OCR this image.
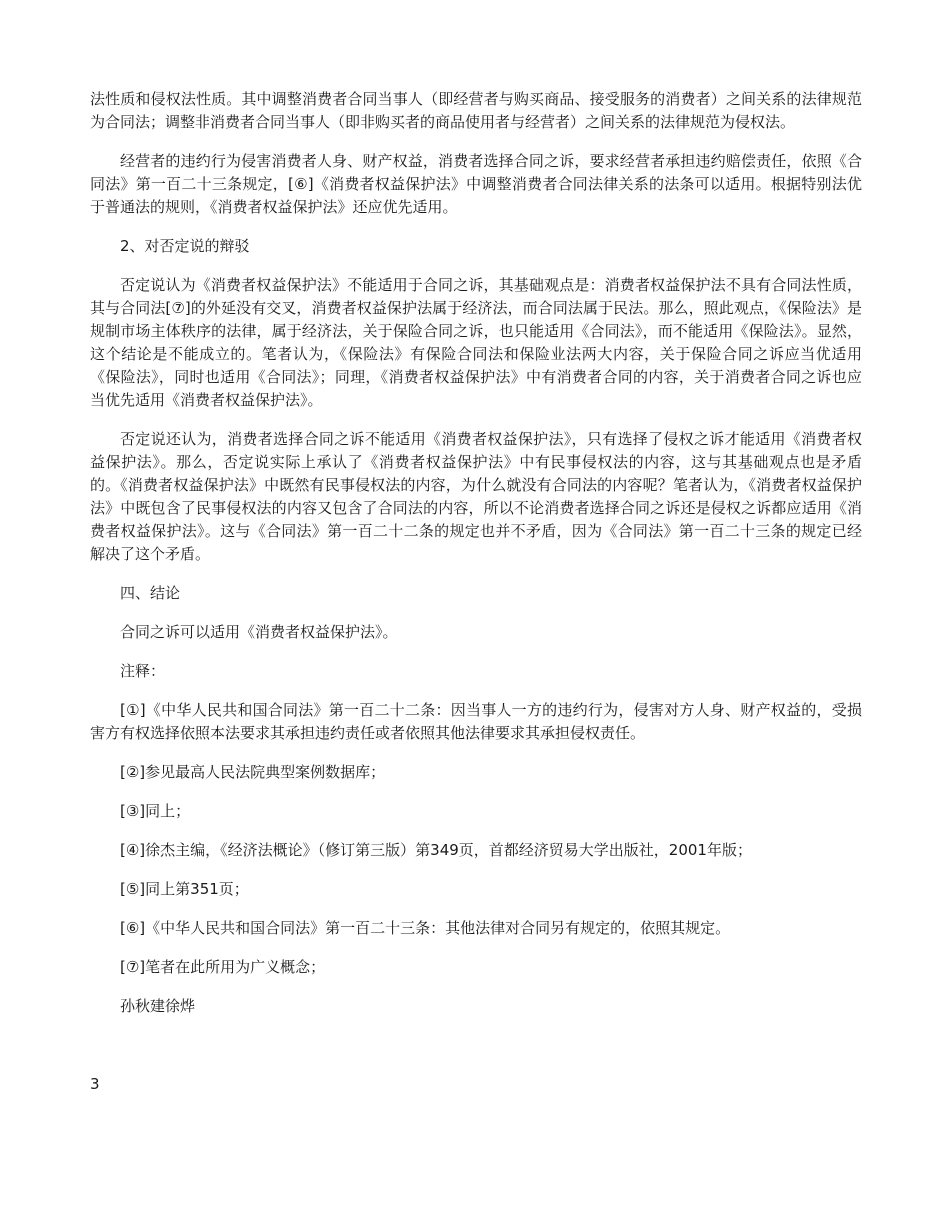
法性质和侵权法性质。其中调整消费者合同当事人（即经营者与购买商品、接受服务的消费者）之间关系的法律规范为合同法；调整非消费者合同当事人（即非购买者的商品使用者与经营者）之间关系的法律规范为侵权法。

经营者的违约行为侵害消费者人身、财产权益，消费者选择合同之诉，要求经营者承担违约赔偿责任，依照《合同法》第一百二十三条规定，[⑥]《消费者权益保护法》中调整消费者合同法律关系的法条可以适用。根据特别法优于普通法的规则，《消费者权益保护法》还应优先适用。

2、对否定说的辩驳

否定说认为《消费者权益保护法》不能适用于合同之诉，其基础观点是：消费者权益保护法不具有合同法性质，其与合同法[⑦]的外延没有交叉，消费者权益保护法属于经济法，而合同法属于民法。那么，照此观点，《保险法》是规制市场主体秩序的法律，属于经济法，关于保险合同之诉，也只能适用《合同法》，而不能适用《保险法》。显然，这个结论是不能成立的。笔者认为，《保险法》有保险合同法和保险业法两大内容，关于保险合同之诉应当优适用《保险法》，同时也适用《合同法》；同理，《消费者权益保护法》中有消费者合同的内容，关于消费者合同之诉也应当优先适用《消费者权益保护法》。

否定说还认为，消费者选择合同之诉不能适用《消费者权益保护法》，只有选择了侵权之诉才能适用《消费者权益保护法》。那么，否定说实际上承认了《消费者权益保护法》中有民事侵权法的内容，这与其基础观点也是矛盾的。《消费者权益保护法》中既然有民事侵权法的内容，为什么就没有合同法的内容呢？笔者认为，《消费者权益保护法》中既包含了民事侵权法的内容又包含了合同法的内容，所以不论消费者选择合同之诉还是侵权之诉都应适用《消费者权益保护法》。这与《合同法》第一百二十二条的规定也并不矛盾，因为《合同法》第一百二十三条的规定已经解决了这个矛盾。

四、结论

合同之诉可以适用《消费者权益保护法》。

注释：

[①]《中华人民共和国合同法》第一百二十二条：因当事人一方的违约行为，侵害对方人身、财产权益的，受损害方有权选择依照本法要求其承担违约责任或者依照其他法律要求其承担侵权责任。

[②]参见最高人民法院典型案例数据库；

[③]同上；

[④]徐杰主编，《经济法概论》（修订第三版）第349页，首都经济贸易大学出版社，2001年版；

[⑤]同上第351页；

[⑥]《中华人民共和国合同法》第一百二十三条：其他法律对合同另有规定的，依照其规定。

[⑦]笔者在此所用为广义概念；

孙秋建徐烨

3
